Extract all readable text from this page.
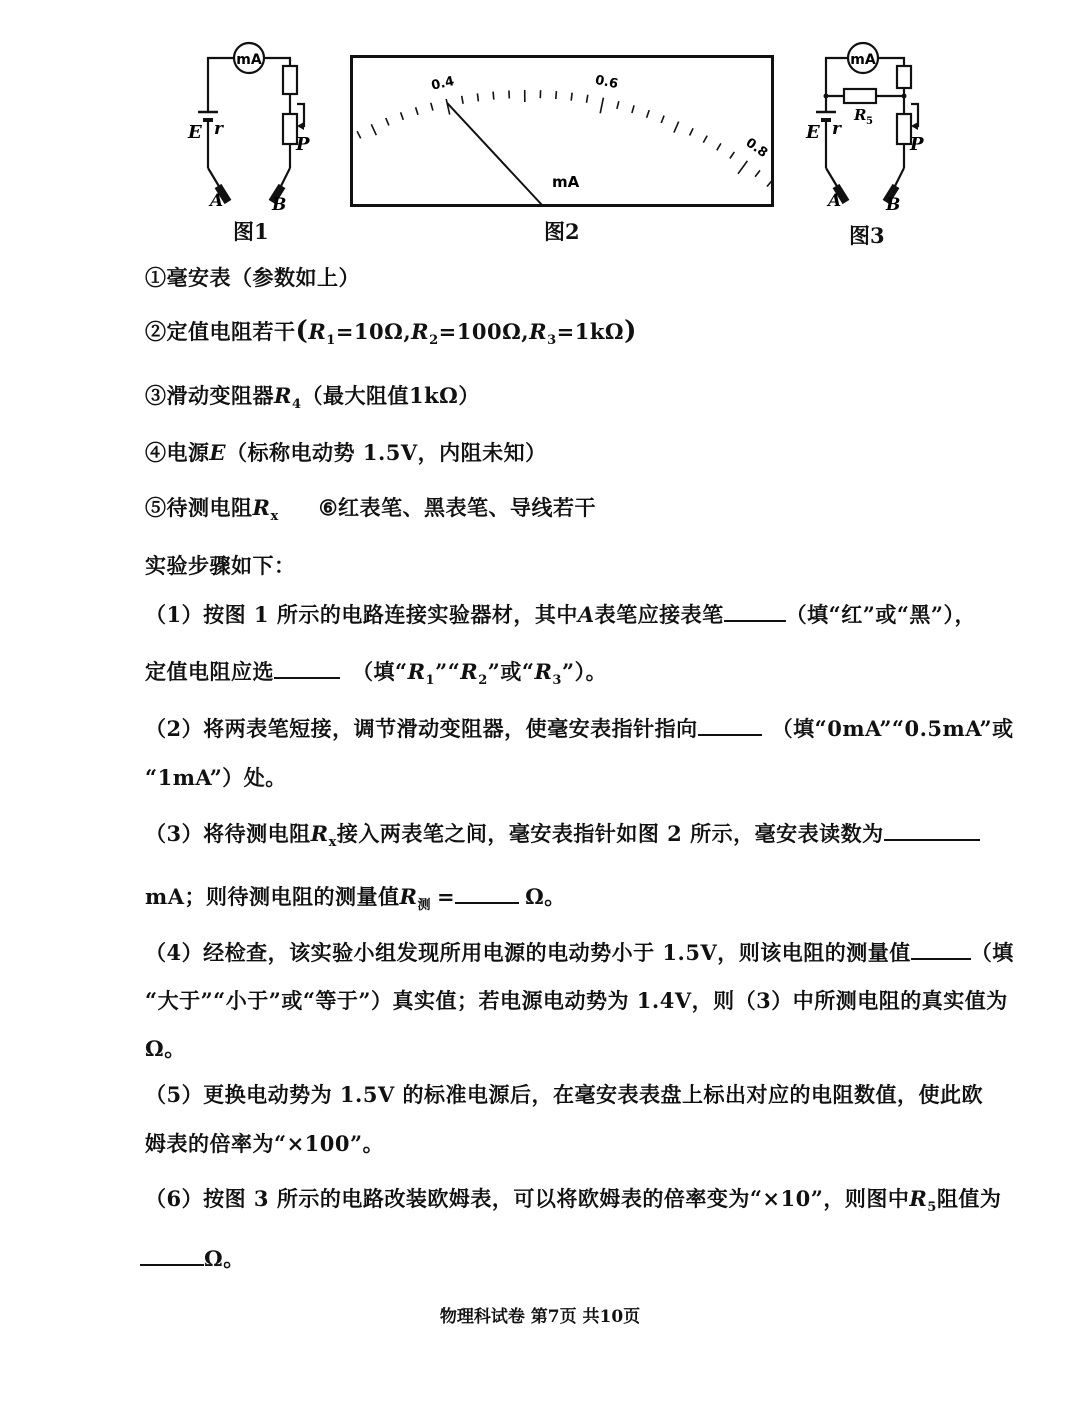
mA
E r
P
A	B
图1
0.4	0.6
0.8
mA
图2
mA
R 5
E r
P
A	B
图3
①毫安表（参数如上）
②定值电阻若干$(R_1=10\Omega,R_2=100\Omega,R_3=1k\Omega)$
③滑动变阻器$R_4$（最大阻值1kΩ）
④电源E（标称电动势 1.5V，内阻未知）
⑤待测电阻$R_x$ ⑥红表笔、黑表笔、导线若干
实验步骤如下：
（1）按图 1 所示的电路连接实验器材，其中A表笔应接表笔	（填“红”或“黑”），
定值电阻应选	（填“$R_1”“R_2$”或“$R_3$”）。
（2）将两表笔短接，调节滑动变阻器，使毫安表指针指向	（填“0mA”“0.5mA”或
“1mA”）处。
（3）将待测电阻$R_x$接入两表笔之间，毫安表指针如图 2 所示，毫安表读数为
mA；则待测电阻的测量值$R_测$ =	Ω。
（4）经检查，该实验小组发现所用电源的电动势小于 1.5V，则该电阻的测量值	（填
“大于”“小于”或“等于”）真实值；若电源电动势为 1.4V，则（3）中所测电阻的真实值为
Ω。
（5）更换电动势为 1.5V 的标准电源后，在毫安表表盘上标出对应的电阻数值，使此欧
姆表的倍率为“×100”。
（6）按图 3 所示的电路改装欧姆表，可以将欧姆表的倍率变为“×10”，则图中$R_5$阻值为
Ω。
物理科试卷 第7页 共10页
